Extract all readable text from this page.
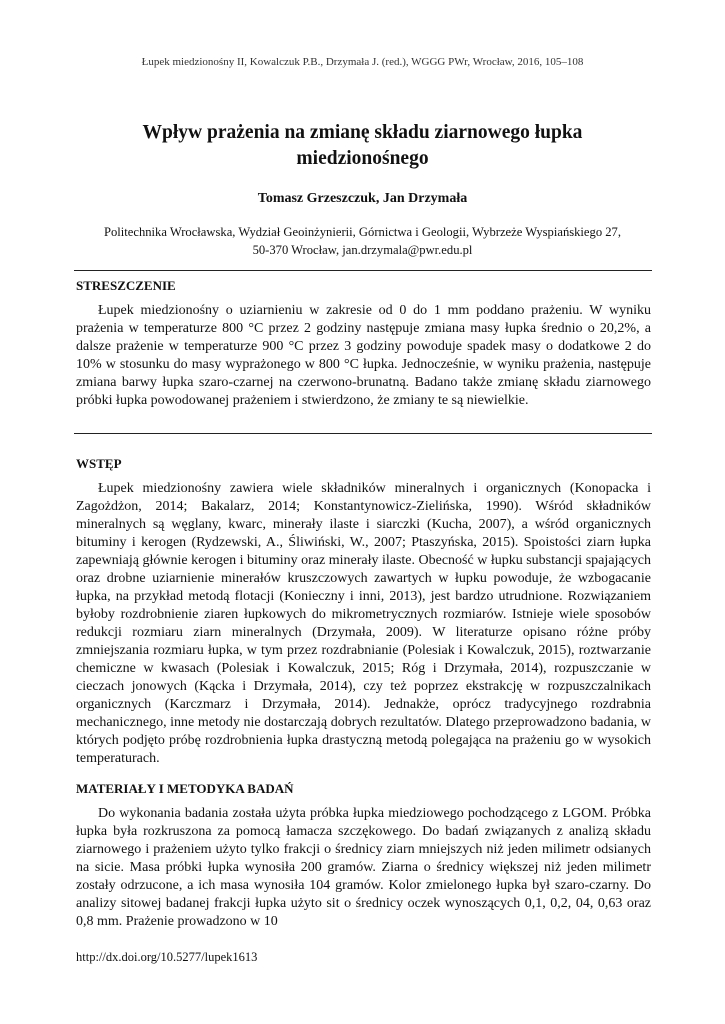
Łupek miedzionośny II, Kowalczuk P.B., Drzymała J. (red.), WGGG PWr, Wrocław, 2016, 105–108
Wpływ prażenia na zmianę składu ziarnowego łupka
miedzionośnego
Tomasz Grzeszczuk, Jan Drzymała
Politechnika Wrocławska, Wydział Geoinżynierii, Górnictwa i Geologii, Wybrzeże Wyspiańskiego 27,
50-370 Wrocław, jan.drzymala@pwr.edu.pl
STRESZCZENIE

Łupek miedzionośny o uziarnieniu w zakresie od 0 do 1 mm poddano prażeniu. W wyniku prażenia w temperaturze 800 °C przez 2 godziny następuje zmiana masy łupka średnio o 20,2%, a dalsze prażenie w temperaturze 900 °C przez 3 godziny powoduje spadek masy o dodatkowe 2 do 10% w stosunku do masy wyprażonego w 800 °C łupka. Jednocześnie, w wyniku prażenia, następuje zmiana barwy łupka szaro-czarnej na czerwono-brunatną. Badano także zmianę składu ziarnowego próbki łupka powodowanej prażeniem i stwierdzono, że zmiany te są niewielkie.

WSTĘP

Łupek miedzionośny zawiera wiele składników mineralnych i organicznych (Konopacka i Zagożdżon, 2014; Bakalarz, 2014; Konstantynowicz-Zielińska, 1990). Wśród składników mineralnych są węglany, kwarc, minerały ilaste i siarczki (Kucha, 2007), a wśród organicznych bituminy i kerogen (Rydzewski, A., Śliwiński, W., 2007; Ptaszyńska, 2015). Spoistości ziarn łupka zapewniają głównie kerogen i bituminy oraz minerały ilaste. Obecność w łupku substancji spajających oraz drobne uziarnienie minerałów kruszczowych zawartych w łupku powoduje, że wzbogacanie łupka, na przykład metodą flotacji (Konieczny i inni, 2013), jest bardzo utrudnione. Rozwiązaniem byłoby rozdrobnienie ziaren łupkowych do mikrometrycznych rozmiarów. Istnieje wiele sposobów redukcji rozmiaru ziarn mineralnych (Drzymała, 2009). W literaturze opisano różne próby zmniejszania rozmiaru łupka, w tym przez rozdrabnianie (Polesiak i Kowalczuk, 2015), roztwarzanie chemiczne w kwasach (Polesiak i Kowalczuk, 2015; Róg i Drzymała, 2014), rozpuszczanie w cieczach jonowych (Kącka i Drzymała, 2014), czy też poprzez ekstrakcję w rozpuszczalnikach organicznych (Karczmarz i Drzymała, 2014). Jednakże, oprócz tradycyjnego rozdrabnia mechanicznego, inne metody nie dostarczają dobrych rezultatów. Dlatego przeprowadzono badania, w których podjęto próbę rozdrobnienia łupka drastyczną metodą polegająca na prażeniu go w wysokich temperaturach.

MATERIAŁY I METODYKA BADAŃ

Do wykonania badania została użyta próbka łupka miedziowego pochodzącego z LGOM. Próbka łupka była rozkruszona za pomocą łamacza szczękowego. Do badań związanych z analizą składu ziarnowego i prażeniem użyto tylko frakcji o średnicy ziarn mniejszych niż jeden milimetr odsianych na sicie. Masa próbki łupka wynosiła 200 gramów. Ziarna o średnicy większej niż jeden milimetr zostały odrzucone, a ich masa wynosiła 104 gramów. Kolor zmielonego łupka był szaro-czarny. Do analizy sitowej badanej frakcji łupka użyto sit o średnicy oczek wynoszących 0,1, 0,2, 04, 0,63 oraz 0,8 mm. Prażenie prowadzono w 10

http://dx.doi.org/10.5277/lupek1613
